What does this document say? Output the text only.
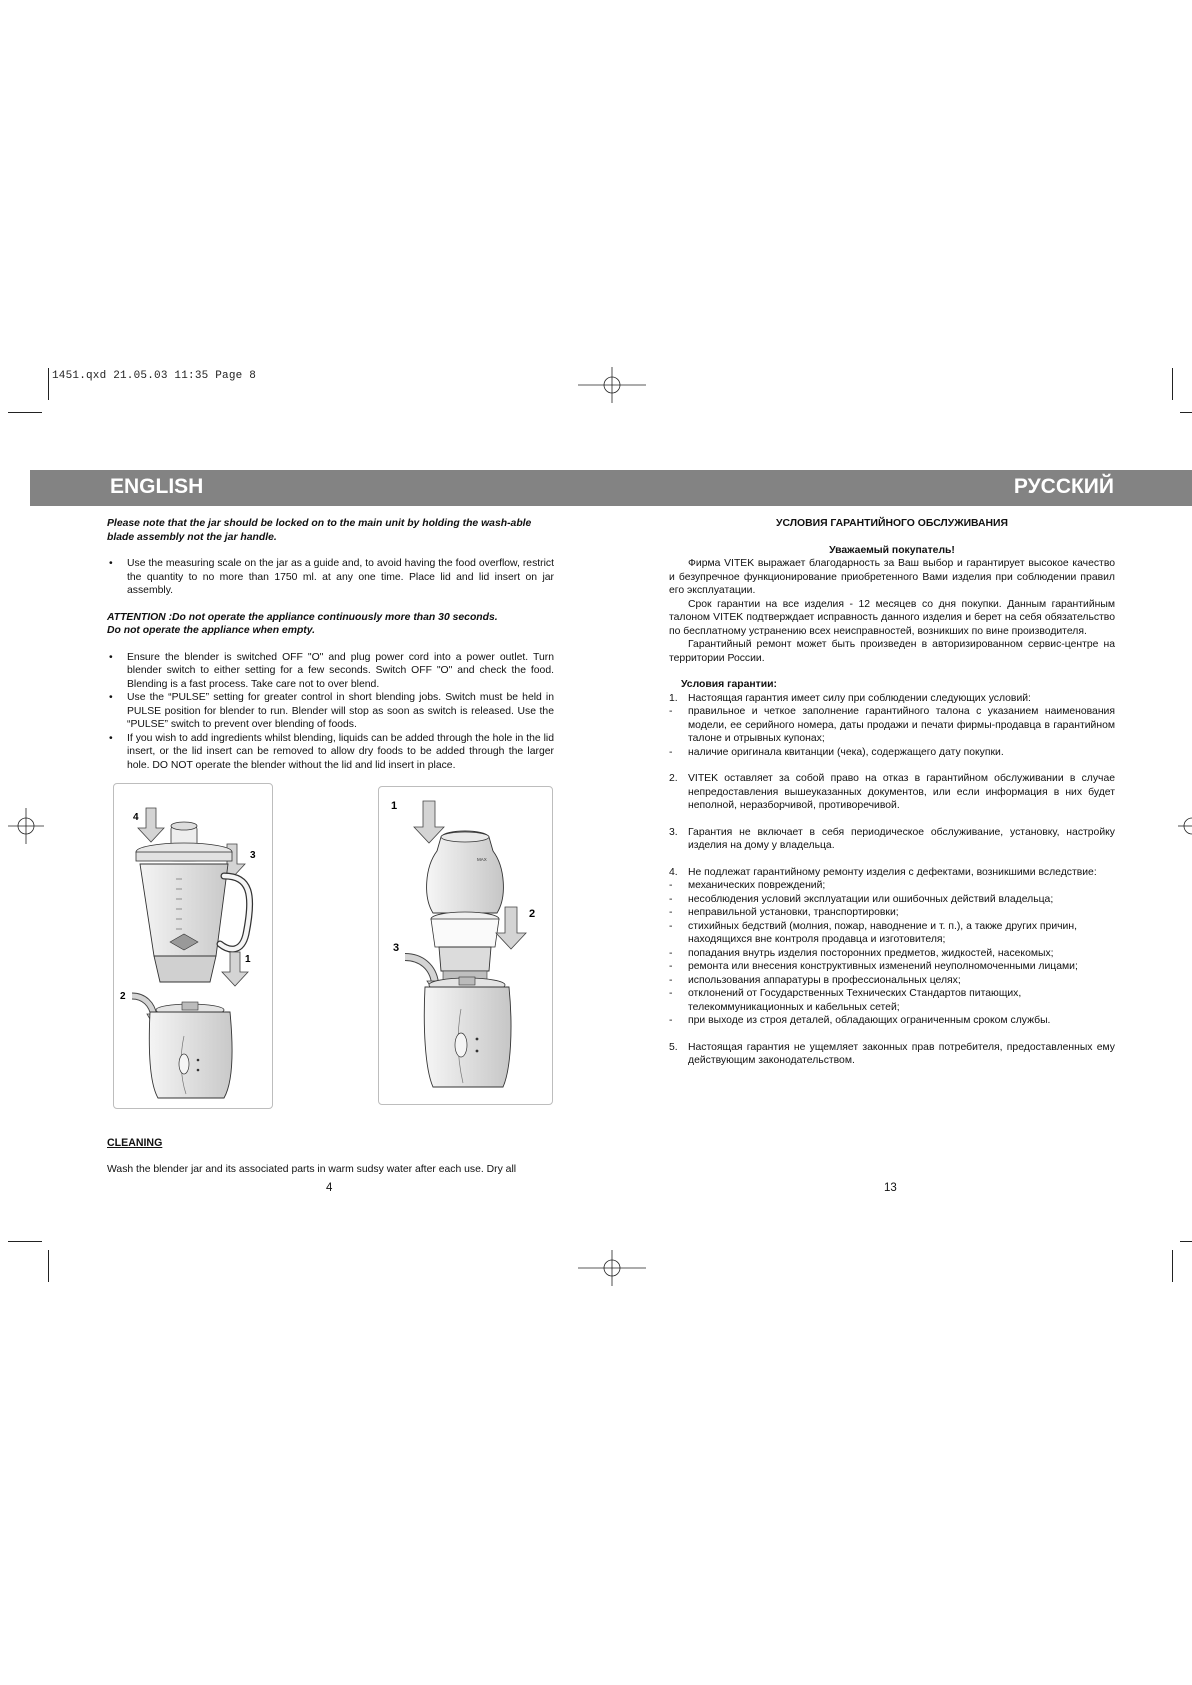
1451.qxd 21.05.03 11:35 Page 8
ENGLISH	РУССКИЙ

Please note that the jar should be locked on to the main unit by holding the wash-able blade assembly not the jar handle.

• Use the measuring scale on the jar as a guide and, to avoid having the food overflow, restrict the quantity to no more than 1750 ml. at any one time. Place lid and lid insert on jar assembly.

ATTENTION :Do not operate the appliance continuously more than 30 seconds.

Do not operate the appliance when empty.

• Ensure the blender is switched OFF "O" and plug power cord into a power outlet. Turn blender switch to either setting for a few seconds. Switch OFF "O" and check the food. Blending is a fast process. Take care not to over blend.
• Use the “PULSE” setting for greater control in short blending jobs. Switch must be held in PULSE position for blender to run. Blender will stop as soon as switch is released. Use the “PULSE” switch to prevent over blending of foods.
• If you wish to add ingredients whilst blending, liquids can be added through the hole in the lid insert, or the lid insert can be removed to allow dry foods to be added through the larger hole. DO NOT operate the blender without the lid and lid insert in place.
4
3
1
2
1
MAX
2
3
CLEANING
Wash the blender jar and its associated parts in warm sudsy water after each use. Dry all
4

УСЛОВИЯ ГАРАНТИЙНОГО ОБСЛУЖИВАНИЯ

Уважаемый покупатель!

Фирма VITEK выражает благодарность за Ваш выбор и гарантирует высокое качество и безупречное функционирование приобретенного Вами изделия при соблюдении правил его эксплуатации.

Срок гарантии на все изделия - 12 месяцев со дня покупки. Данным гарантийным талоном VITEK подтверждает исправность данного изделия и берет на себя обязательство по бесплатному устранению всех неисправностей, возникших по вине производителя.

Гарантийный ремонт может быть произведен в авторизированном сервис-центре на территории России.

Условия гарантии:

1. Настоящая гарантия имеет силу при соблюдении следующих условий:
- правильное и четкое заполнение гарантийного талона с указанием наименования модели, ее серийного номера, даты продажи и печати фирмы-продавца в гарантийном талоне и отрывных купонах;
- наличие оригинала квитанции (чека), содержащего дату покупки.
2. VITEK оставляет за собой право на отказ в гарантийном обслуживании в случае непредоставления вышеуказанных документов, или если информация в них будет неполной, неразборчивой, противоречивой.
3. Гарантия не включает в себя периодическое обслуживание, установку, настройку изделия на дому у владельца.
4. Не подлежат гарантийному ремонту изделия с дефектами, возникшими вследствие:
- механических повреждений;
- несоблюдения условий эксплуатации или ошибочных действий владельца;
- неправильной установки, транспортировки;
- стихийных бедствий (молния, пожар, наводнение и т. п.), а также других причин, находящихся вне контроля продавца и изготовителя;
- попадания внутрь изделия посторонних предметов, жидкостей, насекомых;
- ремонта или внесения конструктивных изменений неуполномоченными лицами;
- использования аппаратуры в профессиональных целях;
- отклонений от Государственных Технических Стандартов питающих, телекоммуникационных и кабельных сетей;
- при выходе из строя деталей, обладающих ограниченным сроком службы.
5. Настоящая гарантия не ущемляет законных прав потребителя, предоставленных ему действующим законодательством.
13
